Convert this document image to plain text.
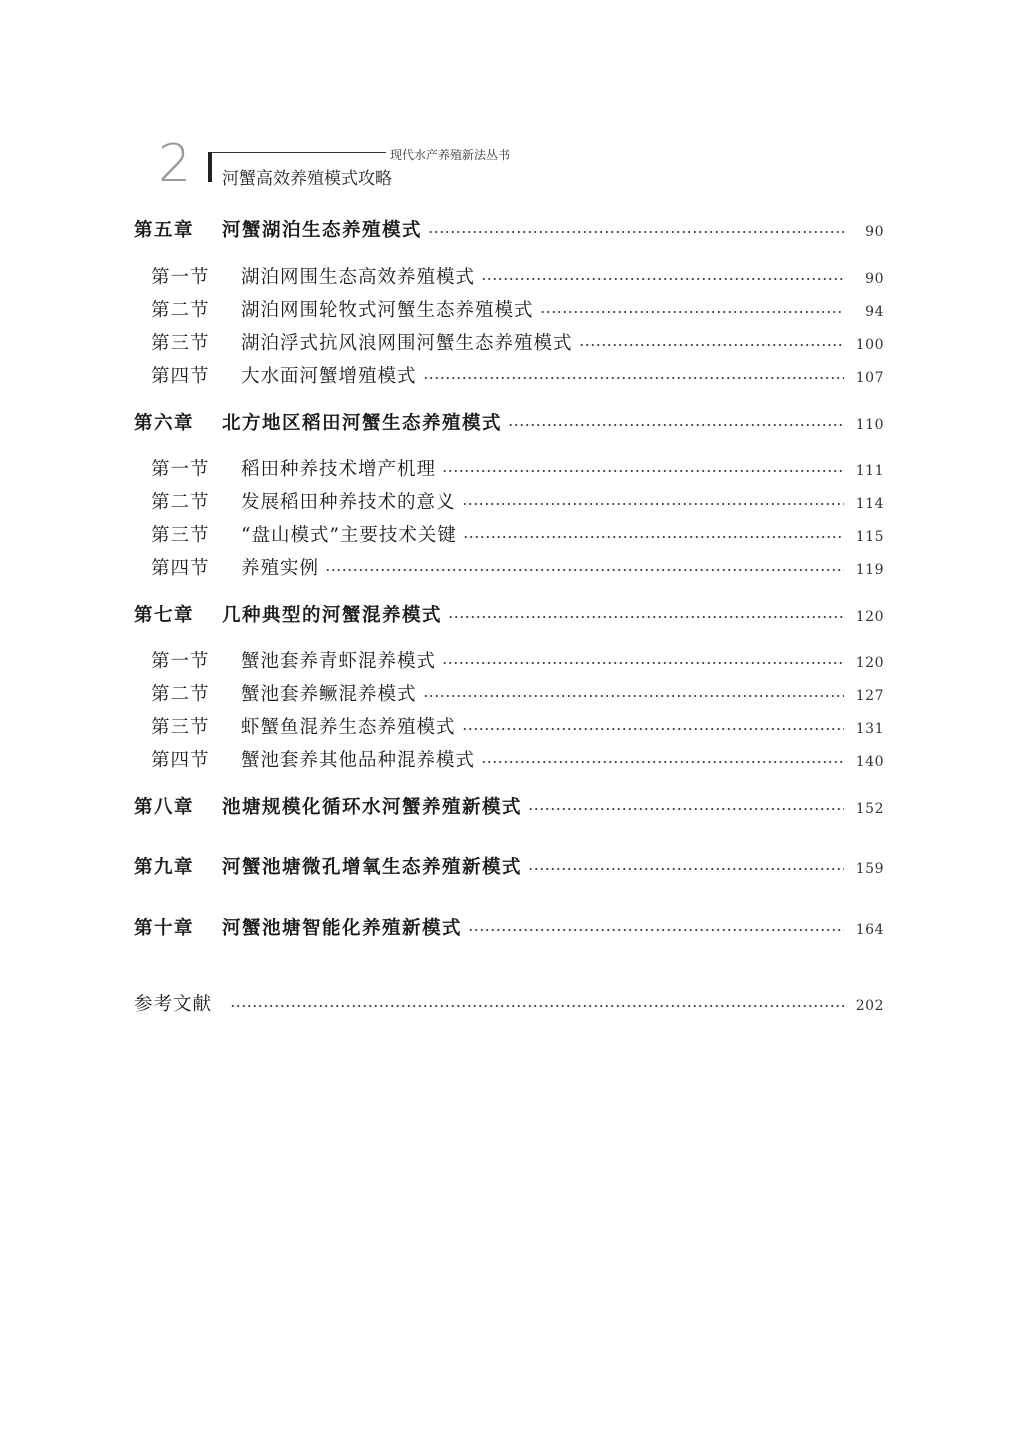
2	现代水产养殖新法丛书
河蟹高效养殖模式攻略
第五章	河蟹湖泊生态养殖模式	90
第一节	湖泊网围生态高效养殖模式	90
第二节	湖泊网围轮牧式河蟹生态养殖模式	94
第三节	湖泊浮式抗风浪网围河蟹生态养殖模式	100
第四节	大水面河蟹增殖模式	107
第六章	北方地区稻田河蟹生态养殖模式	110
第一节	稻田种养技术增产机理	111
第二节	发展稻田种养技术的意义	114
第三节	“盘山模式”主要技术关键	115
第四节	养殖实例	119
第七章	几种典型的河蟹混养模式	120
第一节	蟹池套养青虾混养模式	120
第二节	蟹池套养鳜混养模式	127
第三节	虾蟹鱼混养生态养殖模式	131
第四节	蟹池套养其他品种混养模式	140
第八章	池塘规模化循环水河蟹养殖新模式	152
第九章	河蟹池塘微孔增氧生态养殖新模式	159
第十章	河蟹池塘智能化养殖新模式	164
参考文献	202
